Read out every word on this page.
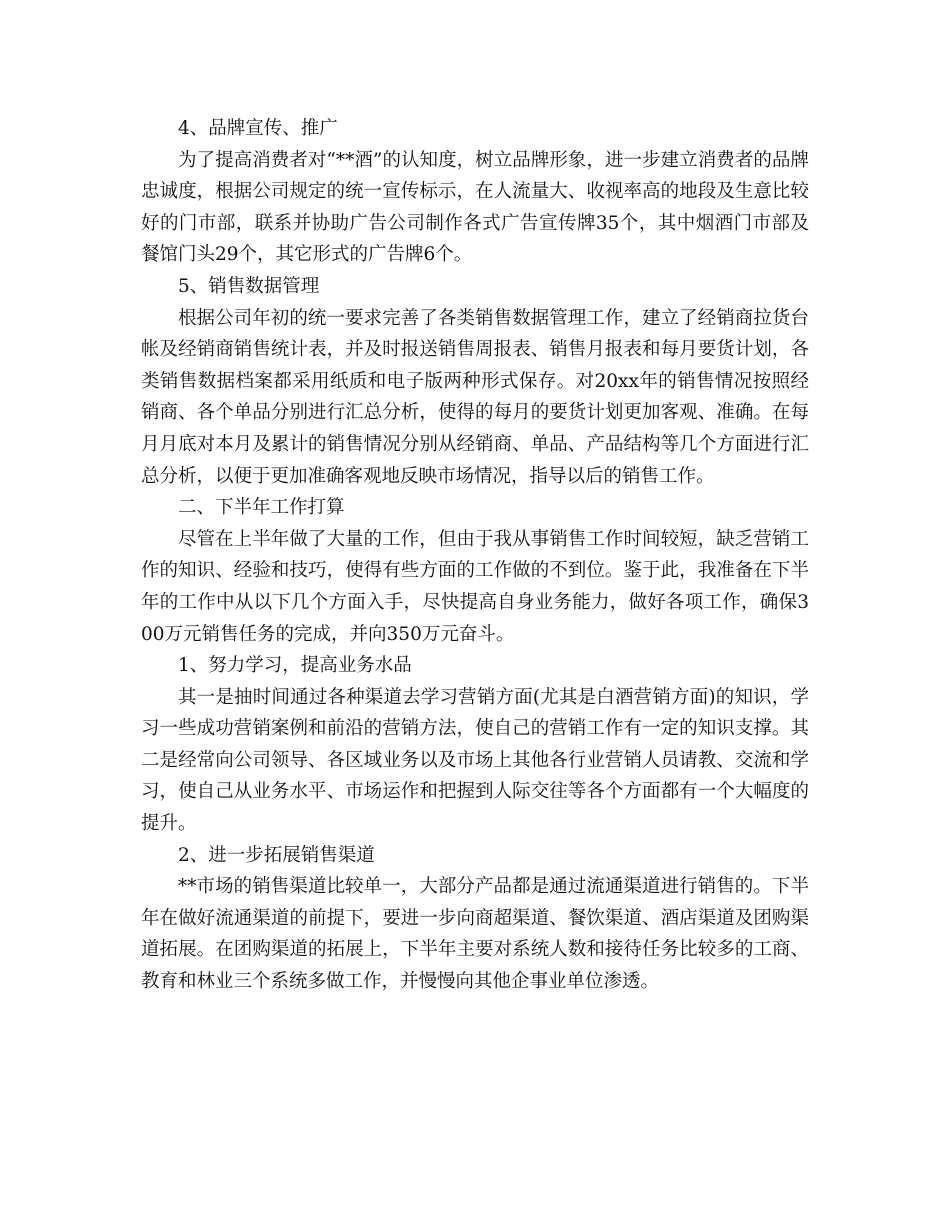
4、品牌宣传、推广

为了提高消费者对“**酒”的认知度，树立品牌形象，进一步建立消费者的品牌忠诚度，根据公司规定的统一宣传标示，在人流量大、收视率高的地段及生意比较好的门市部，联系并协助广告公司制作各式广告宣传牌35个，其中烟酒门市部及餐馆门头29个，其它形式的广告牌6个。

5、销售数据管理

根据公司年初的统一要求完善了各类销售数据管理工作，建立了经销商拉货台帐及经销商销售统计表，并及时报送销售周报表、销售月报表和每月要货计划，各类销售数据档案都采用纸质和电子版两种形式保存。对20xx年的销售情况按照经销商、各个单品分别进行汇总分析，使得的每月的要货计划更加客观、准确。在每月月底对本月及累计的销售情况分别从经销商、单品、产品结构等几个方面进行汇总分析，以便于更加准确客观地反映市场情况，指导以后的销售工作。

二、下半年工作打算

尽管在上半年做了大量的工作，但由于我从事销售工作时间较短，缺乏营销工作的知识、经验和技巧，使得有些方面的工作做的不到位。鉴于此，我准备在下半年的工作中从以下几个方面入手，尽快提高自身业务能力，做好各项工作，确保300万元销售任务的完成，并向350万元奋斗。

1、努力学习，提高业务水品

其一是抽时间通过各种渠道去学习营销方面(尤其是白酒营销方面)的知识，学习一些成功营销案例和前沿的营销方法，使自己的营销工作有一定的知识支撑。其二是经常向公司领导、各区域业务以及市场上其他各行业营销人员请教、交流和学习，使自己从业务水平、市场运作和把握到人际交往等各个方面都有一个大幅度的提升。

2、进一步拓展销售渠道

**市场的销售渠道比较单一，大部分产品都是通过流通渠道进行销售的。下半年在做好流通渠道的前提下，要进一步向商超渠道、餐饮渠道、酒店渠道及团购渠道拓展。在团购渠道的拓展上，下半年主要对系统人数和接待任务比较多的工商、教育和林业三个系统多做工作，并慢慢向其他企事业单位渗透。
